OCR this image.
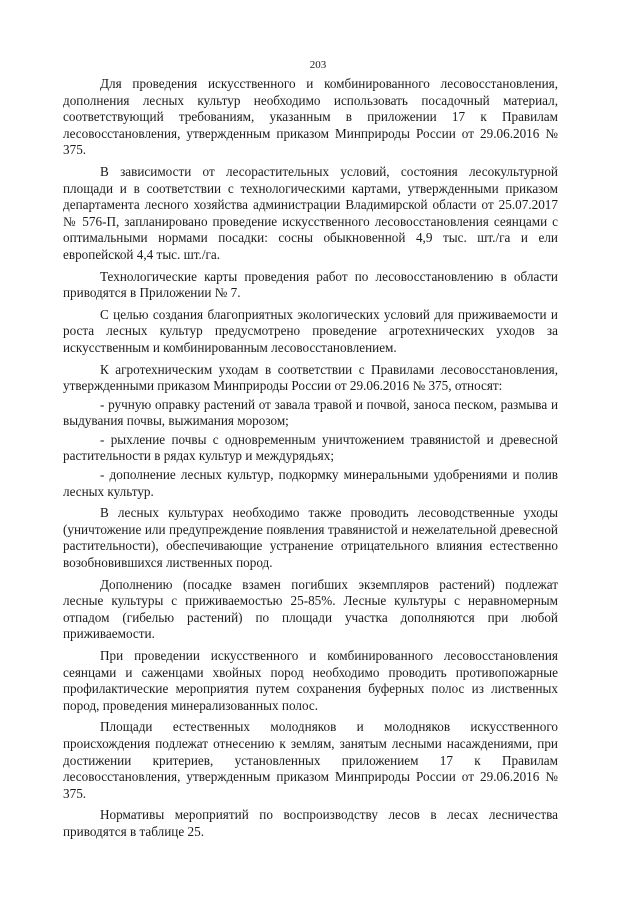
203

Для проведения искусственного и комбинированного лесовосстановления, дополнения лесных культур необходимо использовать посадочный материал, соответствующий требованиям, указанным в приложении 17 к Правилам лесовосстановления, утвержденным приказом Минприроды России от 29.06.2016 № 375.

В зависимости от лесорастительных условий, состояния лесокультурной площади и в соответствии с технологическими картами, утвержденными приказом департамента лесного хозяйства администрации Владимирской области от 25.07.2017 № 576-П, запланировано проведение искусственного лесовосстановления сеянцами с оптимальными нормами посадки: сосны обыкновенной 4,9 тыс. шт./га и ели европейской 4,4 тыс. шт./га.

Технологические карты проведения работ по лесовосстановлению в области приводятся в Приложении № 7.

С целью создания благоприятных экологических условий для приживаемости и роста лесных культур предусмотрено проведение агротехнических уходов за искусственным и комбинированным лесовосстановлением.

К агротехническим уходам в соответствии с Правилами лесовосстановления, утвержденными приказом Минприроды России от 29.06.2016 № 375, относят:

- ручную оправку растений от завала травой и почвой, заноса песком, размыва и выдувания почвы, выжимания морозом;

- рыхление почвы с одновременным уничтожением травянистой и древесной растительности в рядах культур и междурядьях;

- дополнение лесных культур, подкормку минеральными удобрениями и полив лесных культур.

В лесных культурах необходимо также проводить лесоводственные уходы (уничтожение или предупреждение появления травянистой и нежелательной древесной растительности), обеспечивающие устранение отрицательного влияния естественно возобновившихся лиственных пород.

Дополнению (посадке взамен погибших экземпляров растений) подлежат лесные культуры с приживаемостью 25-85%. Лесные культуры с неравномерным отпадом (гибелью растений) по площади участка дополняются при любой приживаемости.

При проведении искусственного и комбинированного лесовосстановления сеянцами и саженцами хвойных пород необходимо проводить противопожарные профилактические мероприятия путем сохранения буферных полос из лиственных пород, проведения минерализованных полос.

Площади естественных молодняков и молодняков искусственного происхождения подлежат отнесению к землям, занятым лесными насаждениями, при достижении критериев, установленных приложением 17 к Правилам лесовосстановления, утвержденным приказом Минприроды России от 29.06.2016 № 375.

Нормативы мероприятий по воспроизводству лесов в лесах лесничества приводятся в таблице 25.
